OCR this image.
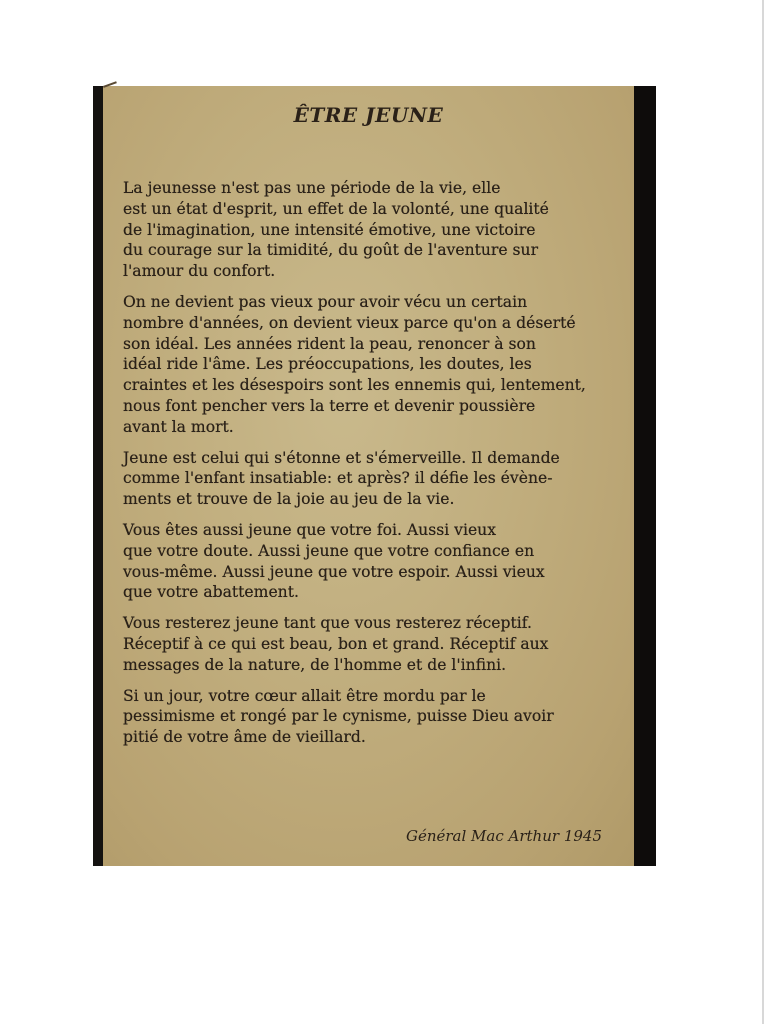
ÊTRE JEUNE

La jeunesse n'est pas une période de la vie, elle
est un état d'esprit, un effet de la volonté, une qualité
de l'imagination, une intensité émotive, une victoire
du courage sur la timidité, du goût de l'aventure sur
l'amour du confort.

On ne devient pas vieux pour avoir vécu un certain
nombre d'années, on devient vieux parce qu'on a déserté
son idéal. Les années rident la peau, renoncer à son
idéal ride l'âme. Les préoccupations, les doutes, les
craintes et les désespoirs sont les ennemis qui, lentement,
nous font pencher vers la terre et devenir poussière
avant la mort.

Jeune est celui qui s'étonne et s'émerveille. Il demande
comme l'enfant insatiable: et après? il défie les évène-
ments et trouve de la joie au jeu de la vie.

Vous êtes aussi jeune que votre foi. Aussi vieux
que votre doute. Aussi jeune que votre confiance en
vous-même. Aussi jeune que votre espoir. Aussi vieux
que votre abattement.

Vous resterez jeune tant que vous resterez réceptif.
Réceptif à ce qui est beau, bon et grand. Réceptif aux
messages de la nature, de l'homme et de l'infini.

Si un jour, votre cœur allait être mordu par le
pessimisme et rongé par le cynisme, puisse Dieu avoir
pitié de votre âme de vieillard.

Général Mac Arthur 1945
